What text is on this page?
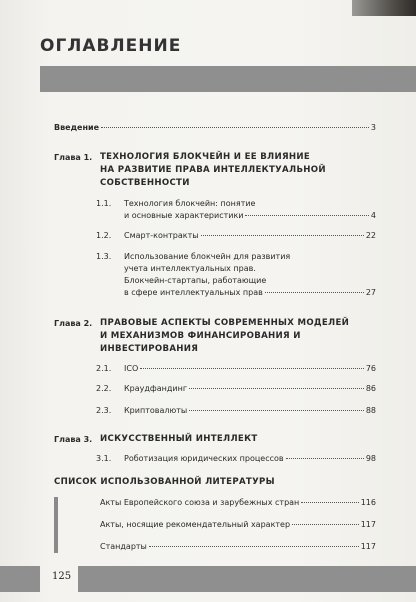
ОГЛАВЛЕНИЕ
Введение	3
Глава 1. ТЕХНОЛОГИЯ БЛОКЧЕЙН И ЕЕ ВЛИЯНИЕ
НА РАЗВИТИЕ ПРАВА ИНТЕЛЛЕКТУАЛЬНОЙ
СОБСТВЕННОСТИ
1.1. Технология блокчейн: понятие
и основные характеристики	4
1.2. Смарт-контракты	22
1.3. Использование блокчейн для развития
учета интеллектуальных прав.
Блокчейн-стартапы, работающие
в сфере интеллектуальных прав	27
Глава 2. ПРАВОВЫЕ АСПЕКТЫ СОВРЕМЕННЫХ МОДЕЛЕЙ
И МЕХАНИЗМОВ ФИНАНСИРОВАНИЯ И
ИНВЕСТИРОВАНИЯ
2.1. ICO	76
2.2. Краудфандинг	86
2.3. Криптовалюты	88
Глава 3. ИСКУССТВЕННЫЙ ИНТЕЛЛЕКТ
3.1. Роботизация юридических процессов	98
СПИСОК ИСПОЛЬЗОВАННОЙ ЛИТЕРАТУРЫ
Акты Европейского союза и зарубежных стран	116
Акты, носящие рекомендательный характер	117
Стандарты	117
125
